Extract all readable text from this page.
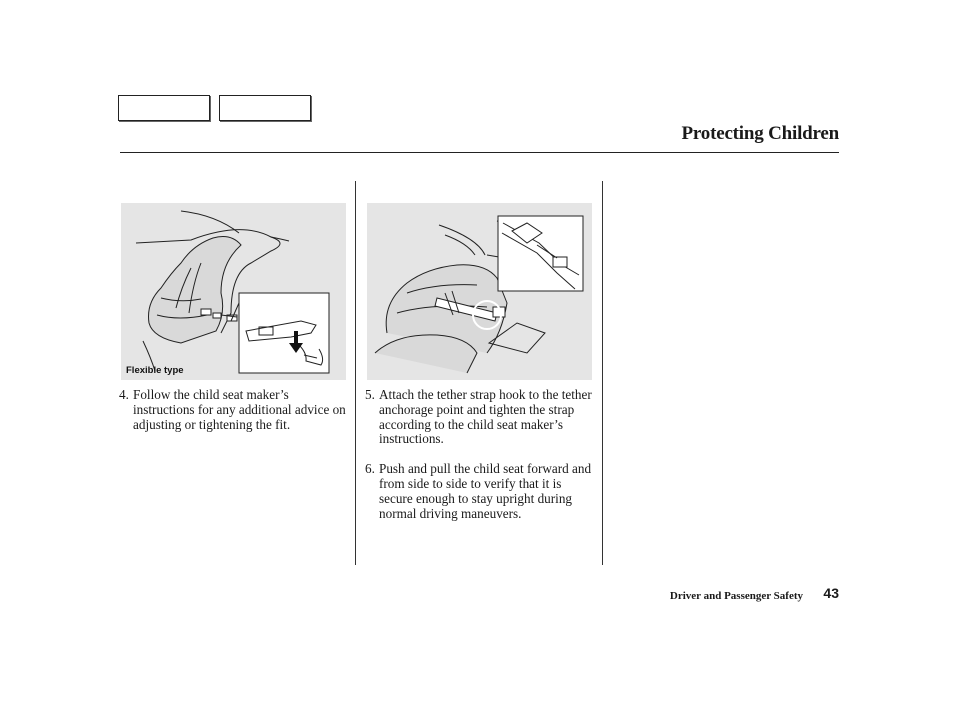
Protecting Children
Flexible type
4. Follow the child seat maker’s instructions for any additional advice on adjusting or tightening the fit.
5. Attach the tether strap hook to the tether anchorage point and tighten the strap according to the child seat maker’s instructions.
6. Push and pull the child seat forward and from side to side to verify that it is secure enough to stay upright during normal driving maneuvers.
Driver and Passenger Safety 43
